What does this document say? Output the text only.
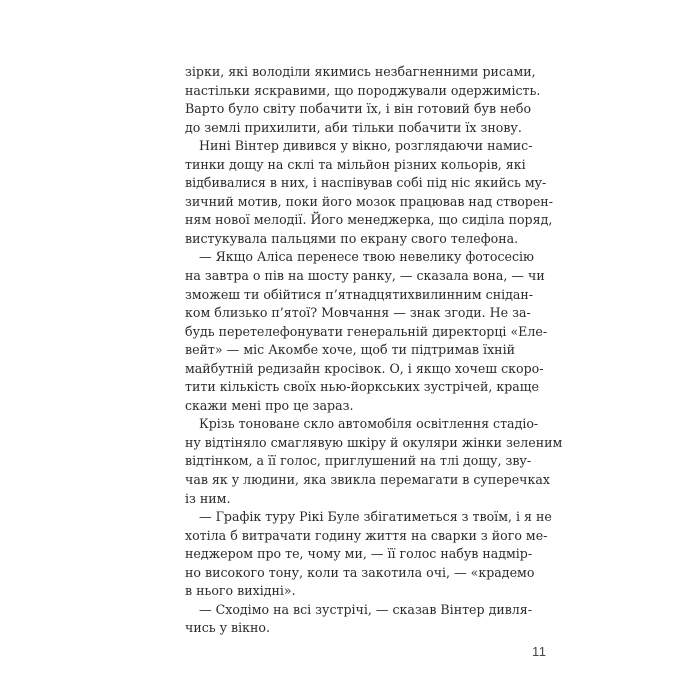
зірки, які володіли якимись незбагненними рисами,
настільки яскравими, що породжували одержимість.
Варто було світу побачити їх, і він готовий був небо
до землі прихилити, аби тільки побачити їх знову.
Нині Вінтер дивився у вікно, розглядаючи намис-
тинки дощу на склі та мільйон різних кольорів, які
відбивалися в них, і наспівував собі під ніс якийсь му-
зичний мотив, поки його мозок працював над створен-
ням нової мелодії. Його менеджерка, що сиділа поряд,
вистукувала пальцями по екрану свого телефона.
— Якщо Аліса перенесе твою невелику фотосесію
на завтра о пів на шосту ранку, — сказала вона, — чи
зможеш ти обійтися п’ятнадцятихвилинним снідан-
ком близько п’ятої? Мовчання — знак згоди. Не за-
будь перетелефонувати генеральній директорці «Еле-
вейт» — міс Акомбе хоче, щоб ти підтримав їхній
майбутній редизайн кросівок. О, і якщо хочеш скоро-
тити кількість своїх нью-йоркських зустрічей, краще
скажи мені про це зараз.
Крізь тоноване скло автомобіля освітлення стадіо-
ну відтіняло смаглявую шкіру й окуляри жінки зеленим
відтінком, а її голос, приглушений на тлі дощу, зву-
чав як у людини, яка звикла перемагати в суперечках
із ним.
— Графік туру Рікі Буле збігатиметься з твоїм, і я не
хотіла б витрачати годину життя на сварки з його ме-
неджером про те, чому ми, — її голос набув надмір-
но високого тону, коли та закотила очі, — «крадемо
в нього вихідні».
— Сходімо на всі зустрічі, — сказав Вінтер дивля-
чись у вікно.
11
